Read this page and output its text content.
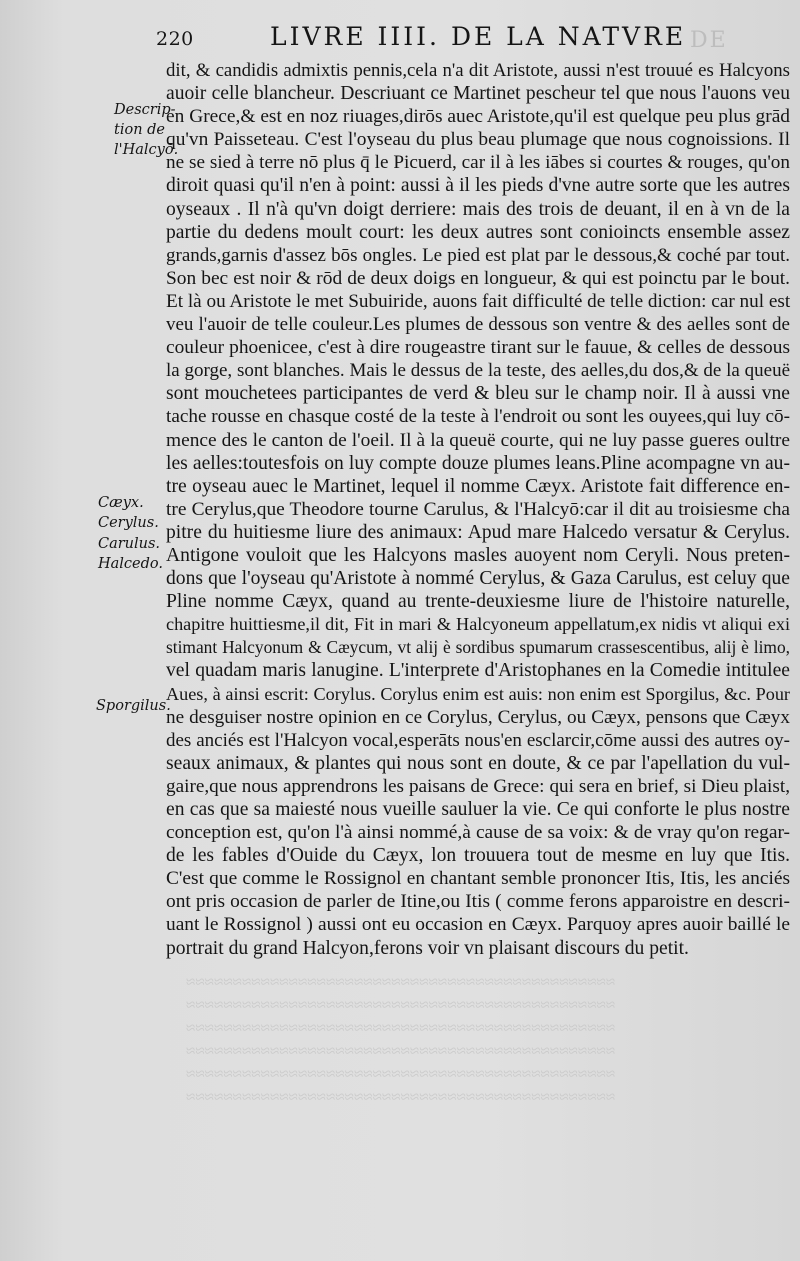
220	LIVRE IIII. DE LA NATVRE DE
Descrip-
tion de
l'Halcyō.
Cæyx.
Cerylus.
Carulus.
Halcedo.
Sporgilus.
dit, & candidis admixtis pennis,cela n'a dit Aristote, aussi n'est trouué es Halcyons
auoir celle blancheur. Descriuant ce Martinet pescheur tel que nous l'auons veu
en Grece,& est en noz riuages,dirōs auec Aristote,qu'il est quelque peu plus grād
qu'vn Paisseteau. C'est l'oyseau du plus beau plumage que nous cognoissions. Il
ne se sied à terre nō plus q̄ le Picuerd, car il à les iābes si courtes & rouges, qu'on
diroit quasi qu'il n'en à point: aussi à il les pieds d'vne autre sorte que les autres
oyseaux . Il n'à qu'vn doigt derriere: mais des trois de deuant, il en à vn de la
partie du dedens moult court: les deux autres sont conioincts ensemble assez
grands,garnis d'assez bōs ongles. Le pied est plat par le dessous,& coché par tout.
Son bec est noir & rōd de deux doigs en longueur, & qui est poinctu par le bout.
Et là ou Aristote le met Subuiride, auons fait difficulté de telle diction: car nul est
veu l'auoir de telle couleur.Les plumes de dessous son ventre & des aelles sont de
couleur phoenicee, c'est à dire rougeastre tirant sur le fauue, & celles de dessous
la gorge, sont blanches. Mais le dessus de la teste, des aelles,du dos,& de la queuë
sont mouchetees participantes de verd & bleu sur le champ noir. Il à aussi vne
tache rousse en chasque costé de la teste à l'endroit ou sont les ouyees,qui luy cō-
mence des le canton de l'oeil. Il à la queuë courte, qui ne luy passe gueres oultre
les aelles:toutesfois on luy compte douze plumes leans.Pline acompagne vn au-
tre oyseau auec le Martinet, lequel il nomme Cæyx. Aristote fait difference en-
tre Cerylus,que Theodore tourne Carulus, & l'Halcyō:car il dit au troisiesme cha
pitre du huitiesme liure des animaux: Apud mare Halcedo versatur & Cerylus.
Antigone vouloit que les Halcyons masles auoyent nom Ceryli. Nous preten-
dons que l'oyseau qu'Aristote à nommé Cerylus, & Gaza Carulus, est celuy que
Pline nomme Cæyx, quand au trente-deuxiesme liure de l'histoire naturelle,
chapitre huittiesme,il dit, Fit in mari & Halcyoneum appellatum,ex nidis vt aliqui exi
stimant Halcyonum & Cæycum, vt alij è sordibus spumarum crassescentibus, alij è limo,
vel quadam maris lanugine. L'interprete d'Aristophanes en la Comedie intitulee
Aues, à ainsi escrit: Corylus. Corylus enim est auis: non enim est Sporgilus, &c. Pour
ne desguiser nostre opinion en ce Corylus, Cerylus, ou Cæyx, pensons que Cæyx
des anciés est l'Halcyon vocal,esperāts nous'en esclarcir,cōme aussi des autres oy-
seaux animaux, & plantes qui nous sont en doute, & ce par l'apellation du vul-
gaire,que nous apprendrons les paisans de Grece: qui sera en brief, si Dieu plaist,
en cas que sa maiesté nous vueille sauluer la vie. Ce qui conforte le plus nostre
conception est, qu'on l'à ainsi nommé,à cause de sa voix: & de vray qu'on regar-
de les fables d'Ouide du Cæyx, lon trouuera tout de mesme en luy que Itis.
C'est que comme le Rossignol en chantant semble prononcer Itis, Itis, les anciés
ont pris occasion de parler de Itine,ou Itis ( comme ferons apparoistre en descri-
uant le Rossignol ) aussi ont eu occasion en Cæyx. Parquoy apres auoir baillé le
portrait du grand Halcyon,ferons voir vn plaisant discours du petit.
≈≈≈≈≈≈≈≈≈≈≈≈≈≈≈≈≈≈≈≈≈≈≈≈≈≈≈≈≈≈≈≈≈≈≈≈≈≈≈≈≈≈≈≈≈≈
≈≈≈≈≈≈≈≈≈≈≈≈≈≈≈≈≈≈≈≈≈≈≈≈≈≈≈≈≈≈≈≈≈≈≈≈≈≈≈≈≈≈≈≈≈≈
≈≈≈≈≈≈≈≈≈≈≈≈≈≈≈≈≈≈≈≈≈≈≈≈≈≈≈≈≈≈≈≈≈≈≈≈≈≈≈≈≈≈≈≈≈≈
≈≈≈≈≈≈≈≈≈≈≈≈≈≈≈≈≈≈≈≈≈≈≈≈≈≈≈≈≈≈≈≈≈≈≈≈≈≈≈≈≈≈≈≈≈≈
≈≈≈≈≈≈≈≈≈≈≈≈≈≈≈≈≈≈≈≈≈≈≈≈≈≈≈≈≈≈≈≈≈≈≈≈≈≈≈≈≈≈≈≈≈≈
≈≈≈≈≈≈≈≈≈≈≈≈≈≈≈≈≈≈≈≈≈≈≈≈≈≈≈≈≈≈≈≈≈≈≈≈≈≈≈≈≈≈≈≈≈≈
